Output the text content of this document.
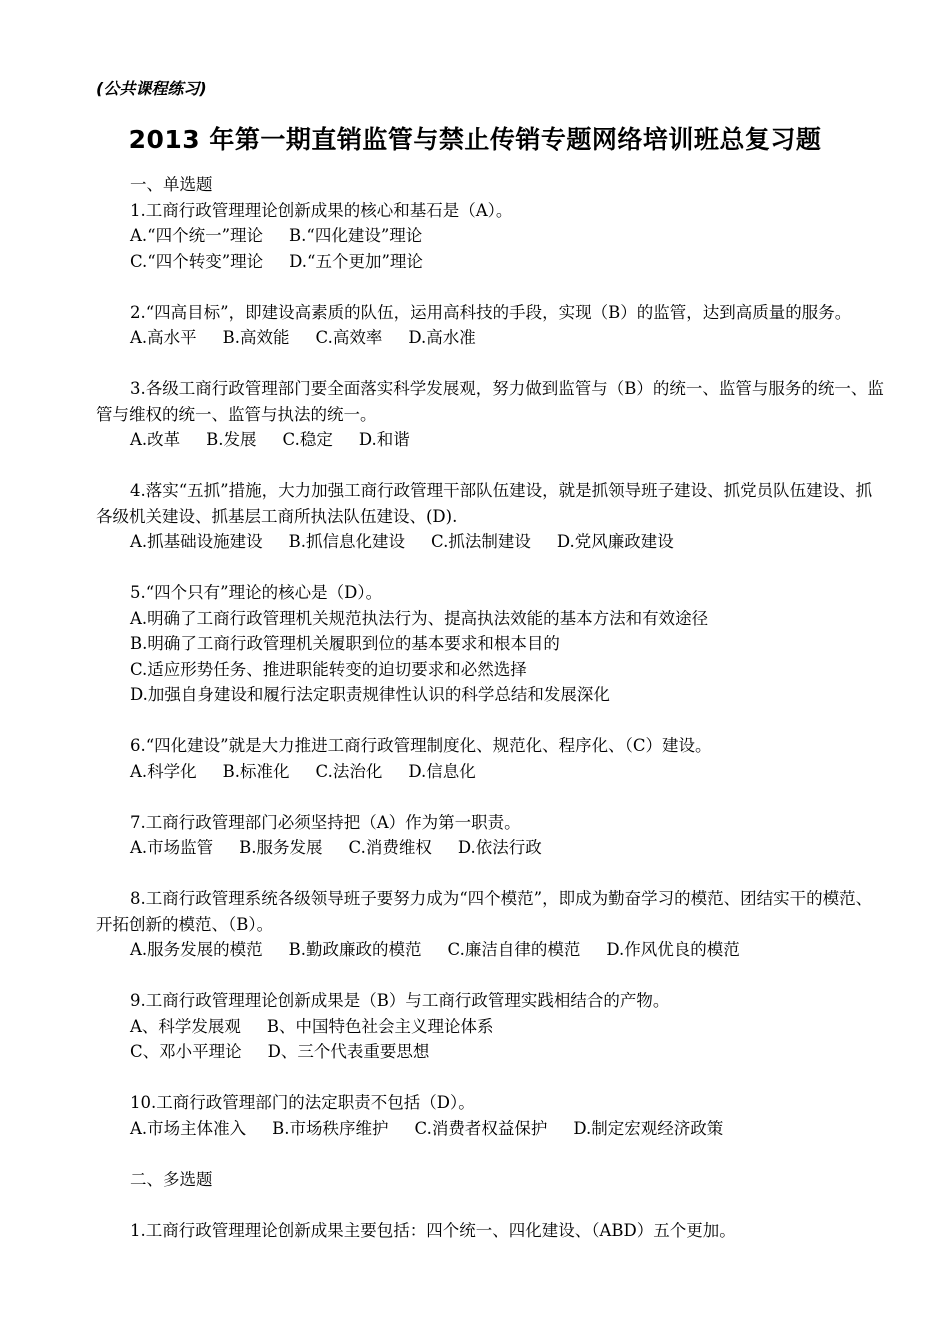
(公共课程练习)
2013 年第一期直销监管与禁止传销专题网络培训班总复习题
一、单选题
1.工商行政管理理论创新成果的核心和基石是（A）。
A.“四个统一”理论 B.“四化建设”理论
C.“四个转变”理论 D.“五个更加”理论
2.“四高目标”，即建设高素质的队伍，运用高科技的手段，实现（B）的监管，达到高质量的服务。
A.高水平 B.高效能 C.高效率 D.高水准
3.各级工商行政管理部门要全面落实科学发展观，努力做到监管与（B）的统一、监管与服务的统一、监管与维权的统一、监管与执法的统一。
A.改革 B.发展 C.稳定 D.和谐
4.落实“五抓”措施，大力加强工商行政管理干部队伍建设，就是抓领导班子建设、抓党员队伍建设、抓各级机关建设、抓基层工商所执法队伍建设、(D).
A.抓基础设施建设 B.抓信息化建设 C.抓法制建设 D.党风廉政建设
5.“四个只有”理论的核心是（D）。
A.明确了工商行政管理机关规范执法行为、提高执法效能的基本方法和有效途径
B.明确了工商行政管理机关履职到位的基本要求和根本目的
C.适应形势任务、推进职能转变的迫切要求和必然选择
D.加强自身建设和履行法定职责规律性认识的科学总结和发展深化
6.“四化建设”就是大力推进工商行政管理制度化、规范化、程序化、（C）建设。
A.科学化 B.标准化 C.法治化 D.信息化
7.工商行政管理部门必须坚持把（A）作为第一职责。
A.市场监管 B.服务发展 C.消费维权 D.依法行政
8.工商行政管理系统各级领导班子要努力成为“四个模范”，即成为勤奋学习的模范、团结实干的模范、开拓创新的模范、（B）。
A.服务发展的模范 B.勤政廉政的模范 C.廉洁自律的模范 D.作风优良的模范
9.工商行政管理理论创新成果是（B）与工商行政管理实践相结合的产物。
A、科学发展观 B、中国特色社会主义理论体系
C、邓小平理论 D、三个代表重要思想
10.工商行政管理部门的法定职责不包括（D）。
A.市场主体准入 B.市场秩序维护 C.消费者权益保护 D.制定宏观经济政策
二、多选题
1.工商行政管理理论创新成果主要包括：四个统一、四化建设、（ABD）五个更加。
